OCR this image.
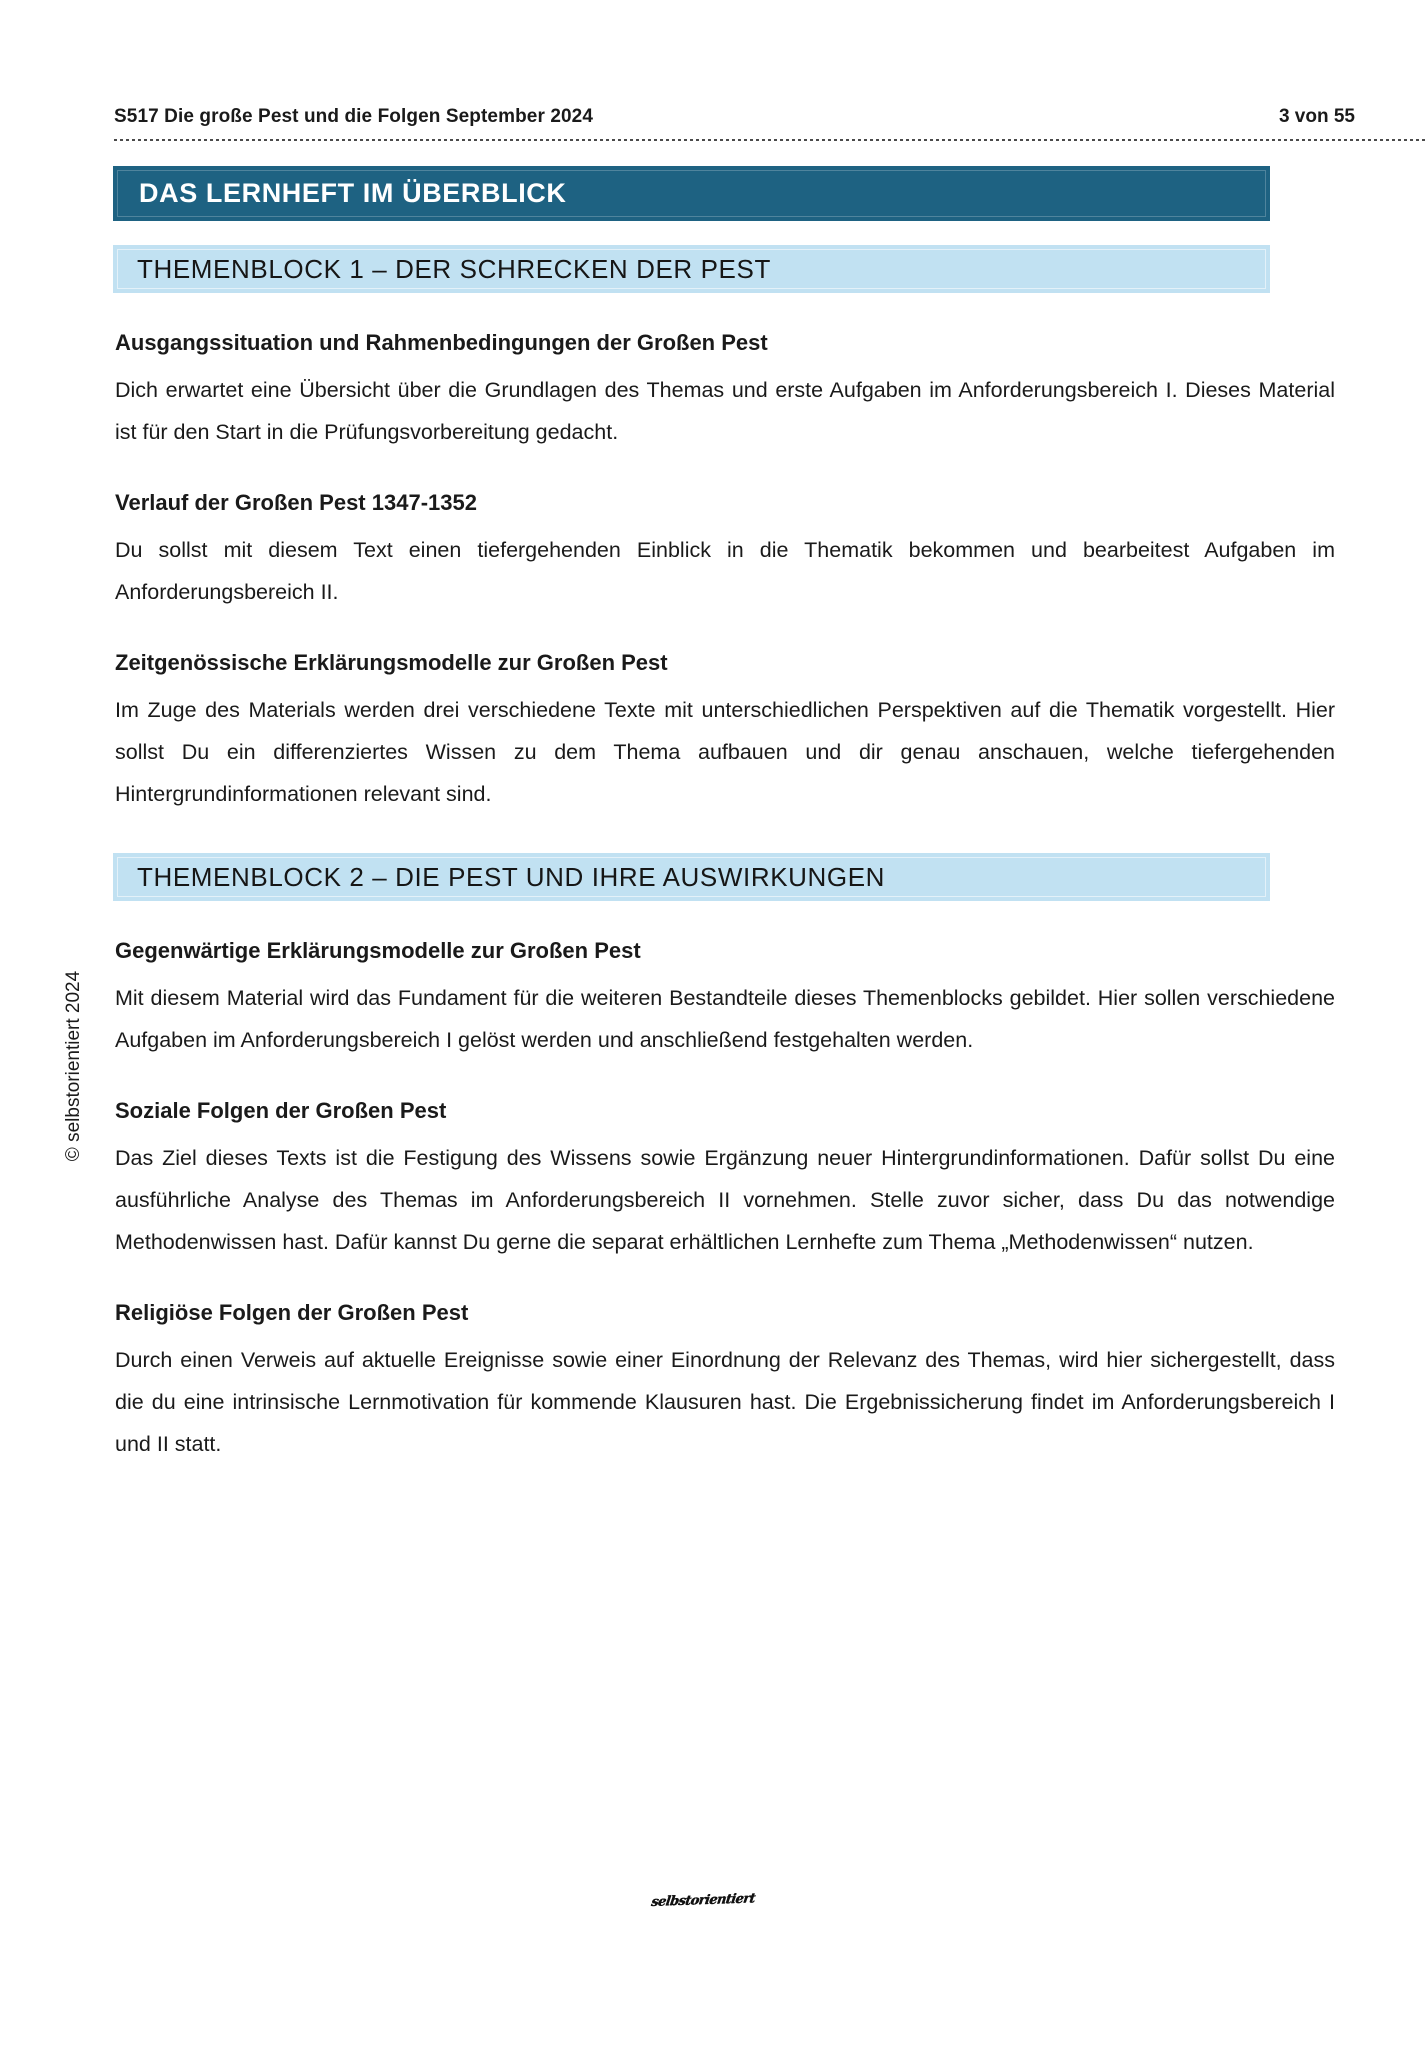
S517 Die große Pest und die Folgen September 2024	3 von 55
DAS LERNHEFT IM ÜBERBLICK
THEMENBLOCK 1 – DER SCHRECKEN DER PEST
Ausgangssituation und Rahmenbedingungen der Großen Pest

Dich erwartet eine Übersicht über die Grundlagen des Themas und erste Aufgaben im Anforderungsbereich I. Dieses Material ist für den Start in die Prüfungsvorbereitung gedacht.

Verlauf der Großen Pest 1347-1352

Du sollst mit diesem Text einen tiefergehenden Einblick in die Thematik bekommen und bearbeitest Aufgaben im Anforderungsbereich II.

Zeitgenössische Erklärungsmodelle zur Großen Pest

Im Zuge des Materials werden drei verschiedene Texte mit unterschiedlichen Perspektiven auf die Thematik vorgestellt. Hier sollst Du ein differenziertes Wissen zu dem Thema aufbauen und dir genau anschauen, welche tiefergehenden Hintergrundinformationen relevant sind.

THEMENBLOCK 2 – DIE PEST UND IHRE AUSWIRKUNGEN
Gegenwärtige Erklärungsmodelle zur Großen Pest

Mit diesem Material wird das Fundament für die weiteren Bestandteile dieses Themenblocks gebildet. Hier sollen verschiedene Aufgaben im Anforderungsbereich I gelöst werden und anschließend festgehalten werden.

Soziale Folgen der Großen Pest

Das Ziel dieses Texts ist die Festigung des Wissens sowie Ergänzung neuer Hintergrundinformationen. Dafür sollst Du eine ausführliche Analyse des Themas im Anforderungsbereich II vornehmen. Stelle zuvor sicher, dass Du das notwendige Methodenwissen hast. Dafür kannst Du gerne die separat erhältlichen Lernhefte zum Thema „Methodenwissen“ nutzen.

Religiöse Folgen der Großen Pest

Durch einen Verweis auf aktuelle Ereignisse sowie einer Einordnung der Relevanz des Themas, wird hier sichergestellt, dass die du eine intrinsische Lernmotivation für kommende Klausuren hast. Die Ergebnissicherung findet im Anforderungsbereich I und II statt.

© selbstorientiert 2024
selbstorientiert
